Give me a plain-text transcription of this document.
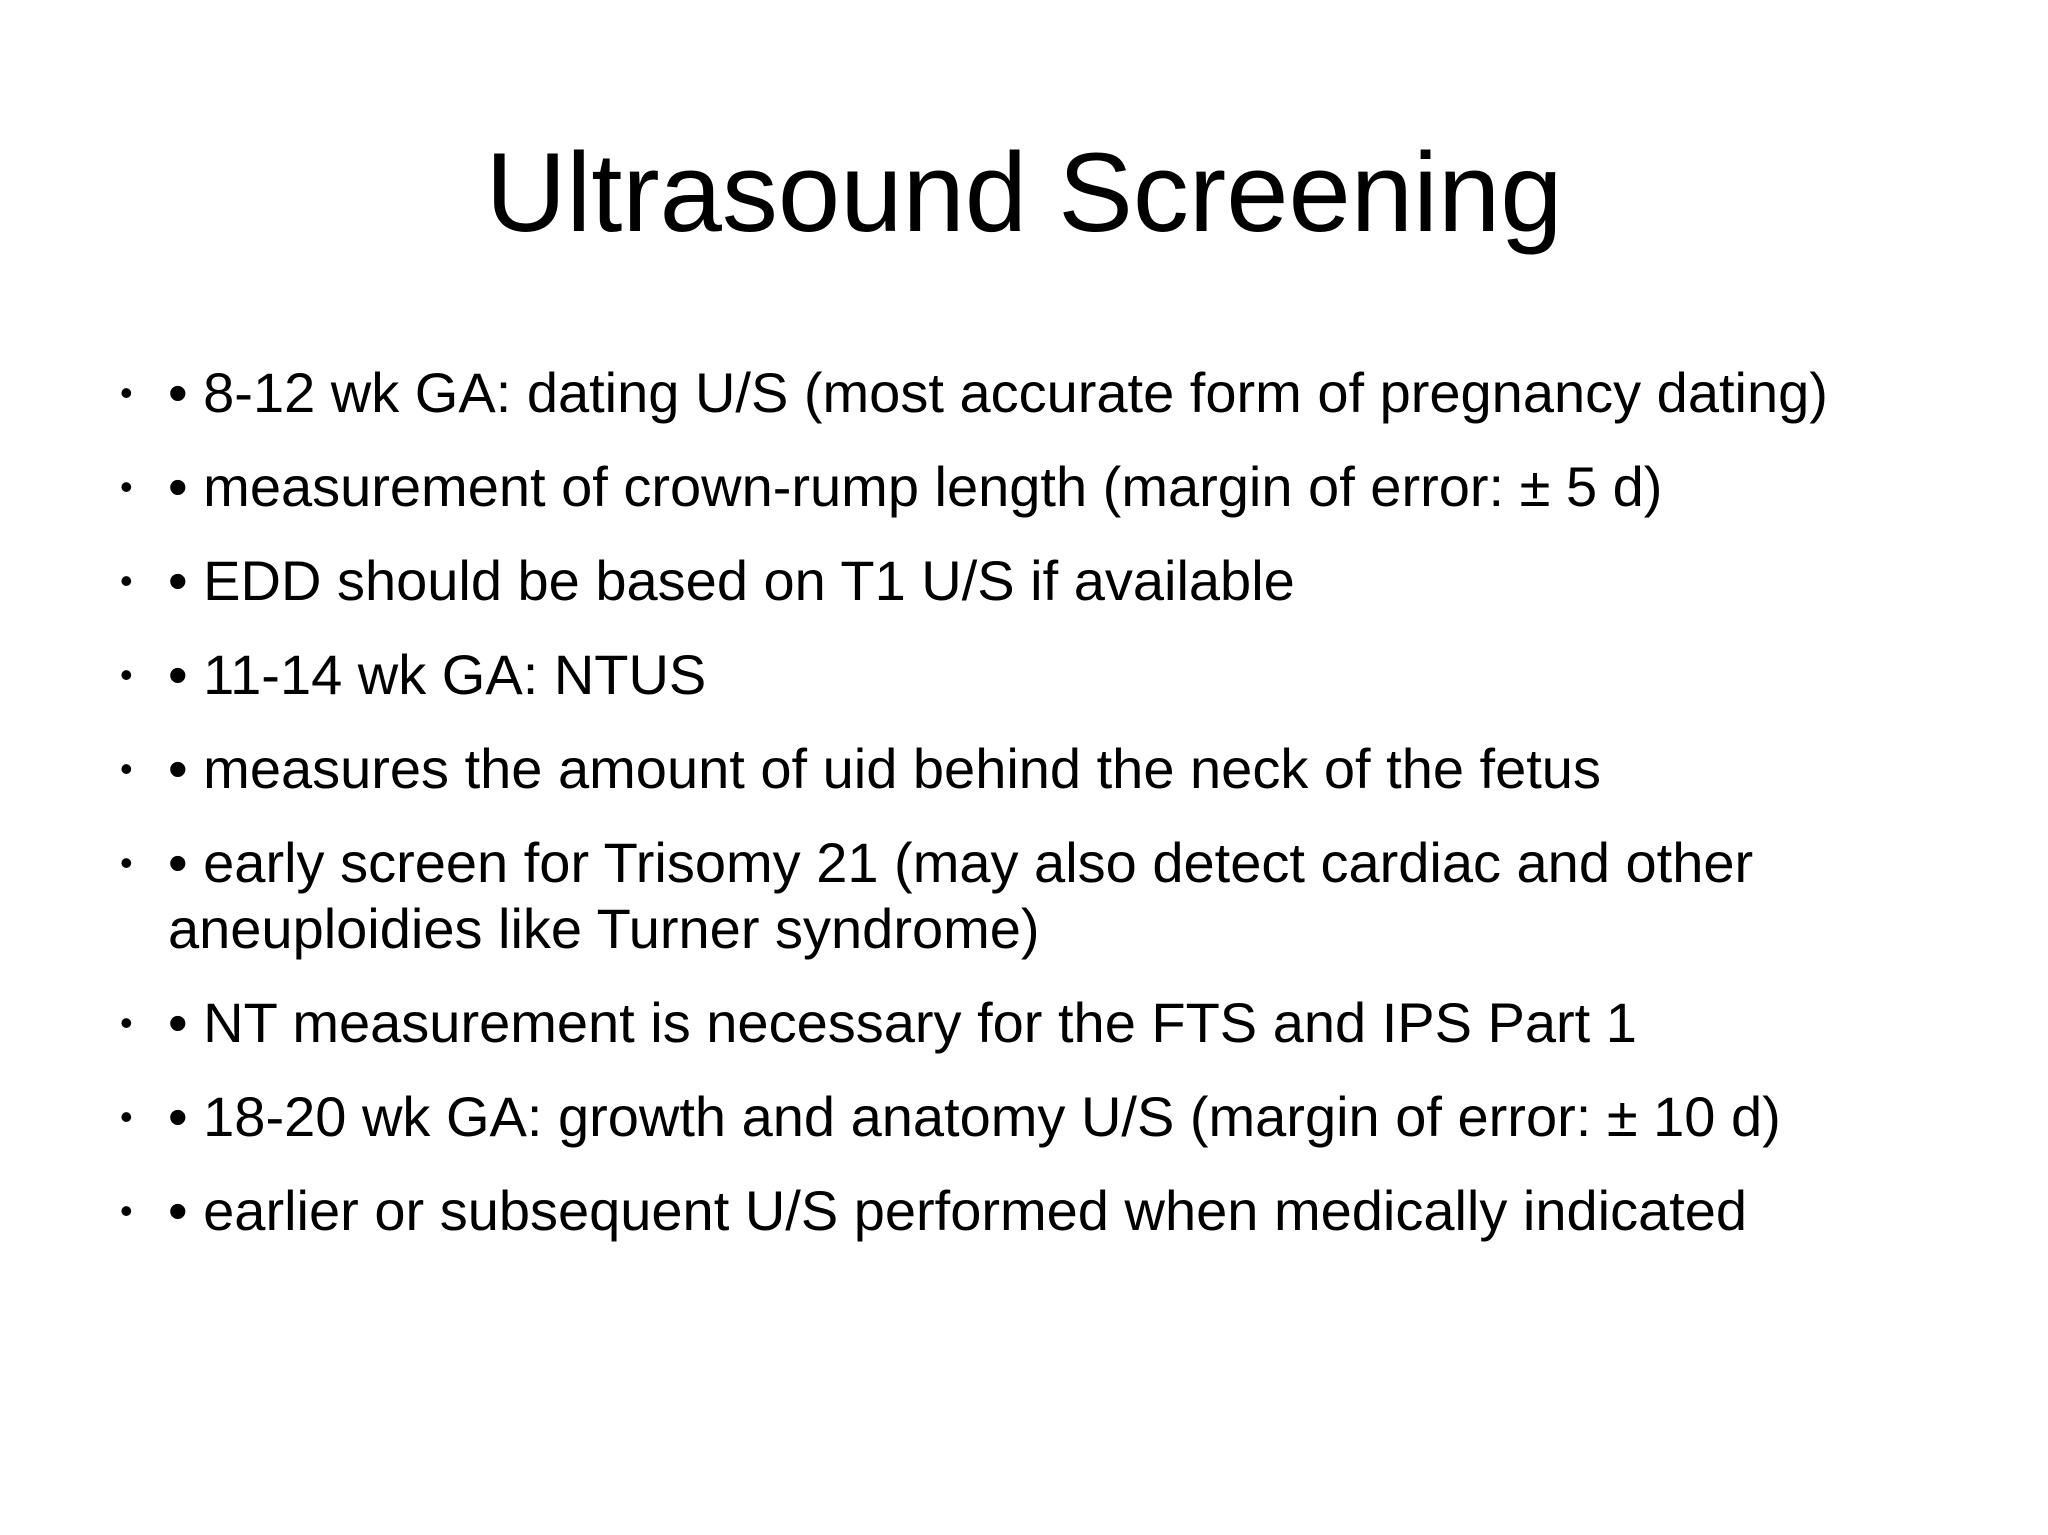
Ultrasound Screening
• • 8-12 wk GA: dating U/S (most accurate form of pregnancy dating)
• • measurement of crown-rump length (margin of error: ± 5 d)
• • EDD should be based on T1 U/S if available
• • 11-14 wk GA: NTUS
• • measures the amount of uid behind the neck of the fetus
• • early screen for Trisomy 21 (may also detect cardiac and other aneuploidies like Turner syndrome)
• • NT measurement is necessary for the FTS and IPS Part 1
• • 18-20 wk GA: growth and anatomy U/S (margin of error: ± 10 d)
• • earlier or subsequent U/S performed when medically indicated
